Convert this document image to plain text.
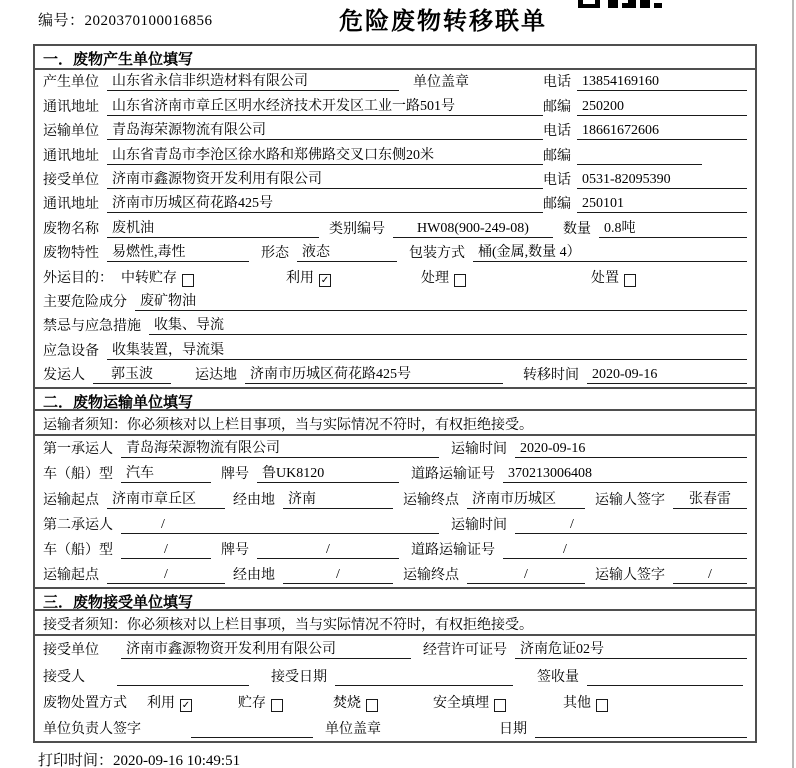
编号：2020370100016856	危险废物转移联单
一．废物产生单位填写
产生单位 山东省永信非织造材料有限公司	单位盖章	电话 13854169160
通讯地址 山东省济南市章丘区明水经济技术开发区工业一路501号	邮编 250200
运输单位 青岛海荣源物流有限公司	电话 18661672606
通讯地址 山东省青岛市李沧区徐水路和郑佛路交叉口东侧20米	邮编
接受单位 济南市鑫源物资开发利用有限公司	电话 0531-82095390
通讯地址 济南市历城区荷花路425号	邮编 250101
废物名称 废机油	类别编号	HW08(900-249-08)	数量 0.8吨
废物特性 易燃性,毒性	形态 液态	包装方式 桶(金属,数量 4）
外运目的： 中转贮存	利用 ✓	处理	处置
主要危险成分 废矿物油
禁忌与应急措施 收集、导流
应急设备 收集装置，导流渠
发运人	郭玉波	运达地 济南市历城区荷花路425号	转移时间 2020-09-16
二．废物运输单位填写
运输者须知：你必须核对以上栏目事项，当与实际情况不符时，有权拒绝接受。
第一承运人 青岛海荣源物流有限公司	运输时间 2020-09-16
车（船）型 汽车	牌号 鲁UK8120	道路运输证号 370213006408
运输起点 济南市章丘区	经由地 济南	运输终点 济南市历城区	运输人签字	张春雷
第二承运人	/	运输时间	/
车（船）型	/	牌号	/	道路运输证号	/
运输起点	/	经由地	/	运输终点	/	运输人签字	/
三．废物接受单位填写
接受者须知：你必须核对以上栏目事项，当与实际情况不符时，有权拒绝接受。
接受单位	济南市鑫源物资开发利用有限公司	经营许可证号 济南危证02号
接受人	接受日期	签收量
废物处置方式 利用 ✓	贮存	焚烧	安全填埋	其他
单位负责人签字	单位盖章	日期
打印时间：2020-09-16 10:49:51
